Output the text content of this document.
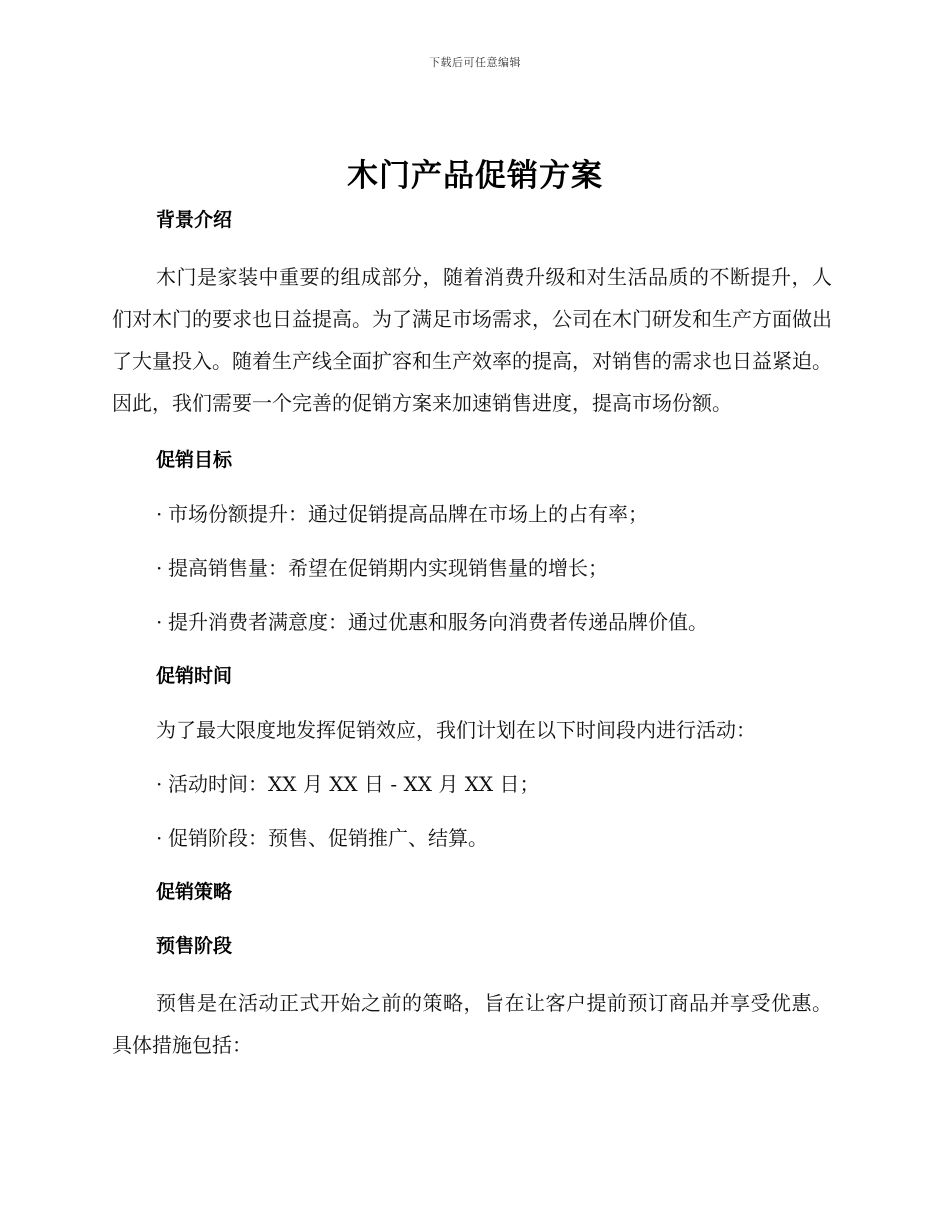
下载后可任意编辑
木门产品促销方案
背景介绍

木门是家装中重要的组成部分，随着消费升级和对生活品质的不断提升，人们对木门的要求也日益提高。为了满足市场需求，公司在木门研发和生产方面做出了大量投入。随着生产线全面扩容和生产效率的提高，对销售的需求也日益紧迫。因此，我们需要一个完善的促销方案来加速销售进度，提高市场份额。

促销目标
· 市场份额提升：通过促销提高品牌在市场上的占有率；
· 提高销售量：希望在促销期内实现销售量的增长；
· 提升消费者满意度：通过优惠和服务向消费者传递品牌价值。
促销时间
为了最大限度地发挥促销效应，我们计划在以下时间段内进行活动：
· 活动时间：XX 月 XX 日 - XX 月 XX 日；
· 促销阶段：预售、促销推广、结算。
促销策略
预售阶段

预售是在活动正式开始之前的策略，旨在让客户提前预订商品并享受优惠。具体措施包括：
